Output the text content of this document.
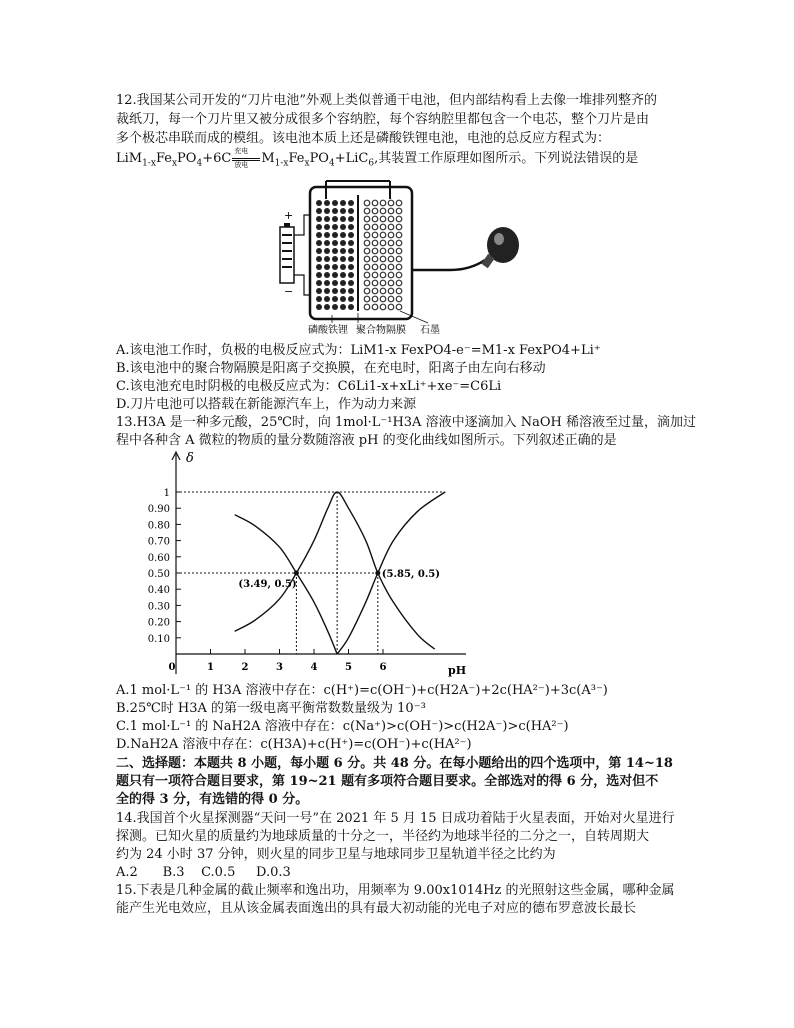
12.我国某公司开发的“刀片电池”外观上类似普通干电池，但内部结构看上去像一堆排列整齐的
裁纸刀，每一个刀片里又被分成很多个容纳腔，每个容纳腔里都包含一个电芯，整个刀片是由
多个极芯串联而成的模组。该电池本质上还是磷酸铁锂电池，电池的总反应方程式为：
$LiM_{1-x}Fe_xPO_4+6C$ 充电
放电 $M_{1-x}Fe_xPO_4+LiC_6$,其装置工作原理如图所示。下列说法错误的是
+
−
磷酸铁锂 聚合物隔膜 石墨
A.该电池工作时，负极的电极反应式为：LiM1-x FexPO4-e⁻=M1-x FexPO4+Li⁺
B.该电池中的聚合物隔膜是阳离子交换膜，在充电时，阳离子由左向右移动
C.该电池充电时阴极的电极反应式为：C6Li1-x+xLi⁺+xe⁻=C6Li
D.刀片电池可以搭载在新能源汽车上，作为动力来源
13.H3A 是一种多元酸，25℃时，向 1mol·L⁻¹H3A 溶液中逐滴加入 NaOH 稀溶液至过量，滴加过
程中各种含 A 微粒的物质的量分数随溶液 pH 的变化曲线如图所示。下列叙述正确的是
δ
pH
0.10
0.20
0.30
0.40
0.50
0.60
0.70
0.80
0.90
1
0	1	2	3	4	5	6
(3.49, 0.5)
(5.85, 0.5)
A.1 mol·L⁻¹ 的 H3A 溶液中存在：c(H⁺)=c(OH⁻)+c(H2A⁻)+2c(HA²⁻)+3c(A³⁻)
B.25℃时 H3A 的第一级电离平衡常数数量级为 10⁻³
C.1 mol·L⁻¹ 的 NaH2A 溶液中存在：c(Na⁺)>c(OH⁻)>c(H2A⁻)>c(HA²⁻)
D.NaH2A 溶液中存在：c(H3A)+c(H⁺)=c(OH⁻)+c(HA²⁻)
二、选择题：本题共 8 小题，每小题 6 分。共 48 分。在每小题给出的四个选项中，第 14~18
题只有一项符合题目要求，第 19~21 题有多项符合题目要求。全部选对的得 6 分，选对但不
全的得 3 分，有选错的得 0 分。
14.我国首个火星探测器“天问一号”在 2021 年 5 月 15 日成功着陆于火星表面，开始对火星进行
探测。已知火星的质量约为地球质量的十分之一，半径约为地球半径的二分之一，自转周期大
约为 24 小时 37 分钟，则火星的同步卫星与地球同步卫星轨道半径之比约为
A.2      B.3    C.0.5     D.0.3
15.下表是几种金属的截止频率和逸出功，用频率为 9.00x1014Hz 的光照射这些金属，哪种金属
能产生光电效应，且从该金属表面逸出的具有最大初动能的光电子对应的德布罗意波长最长
